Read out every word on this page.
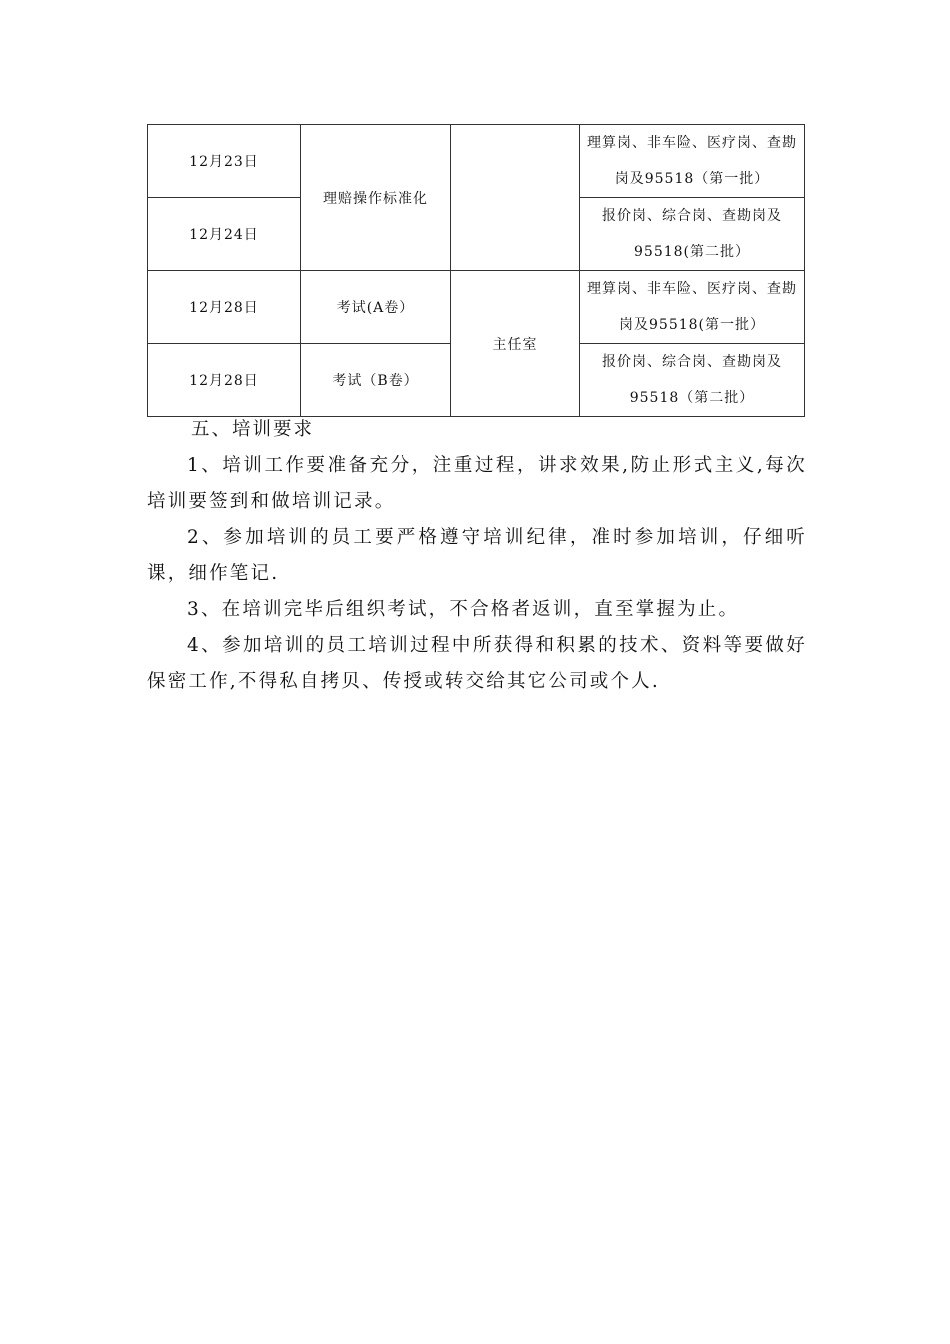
12月23日	理赔操作标准化		理算岗、非车险、医疗岗、查勘岗及95518（第一批）
12月24日			报价岗、综合岗、查勘岗及95518(第二批）
12月28日	考试(A卷）	主任室	理算岗、非车险、医疗岗、查勘岗及95518(第一批）
12月28日	考试（B卷）		报价岗、综合岗、查勘岗及95518（第二批）
五、培训要求

1、培训工作要准备充分，注重过程，讲求效果,防止形式主义,每次培训要签到和做培训记录。

2、参加培训的员工要严格遵守培训纪律，准时参加培训，仔细听课，细作笔记.

3、在培训完毕后组织考试，不合格者返训，直至掌握为止。

4、参加培训的员工培训过程中所获得和积累的技术、资料等要做好保密工作,不得私自拷贝、传授或转交给其它公司或个人.
